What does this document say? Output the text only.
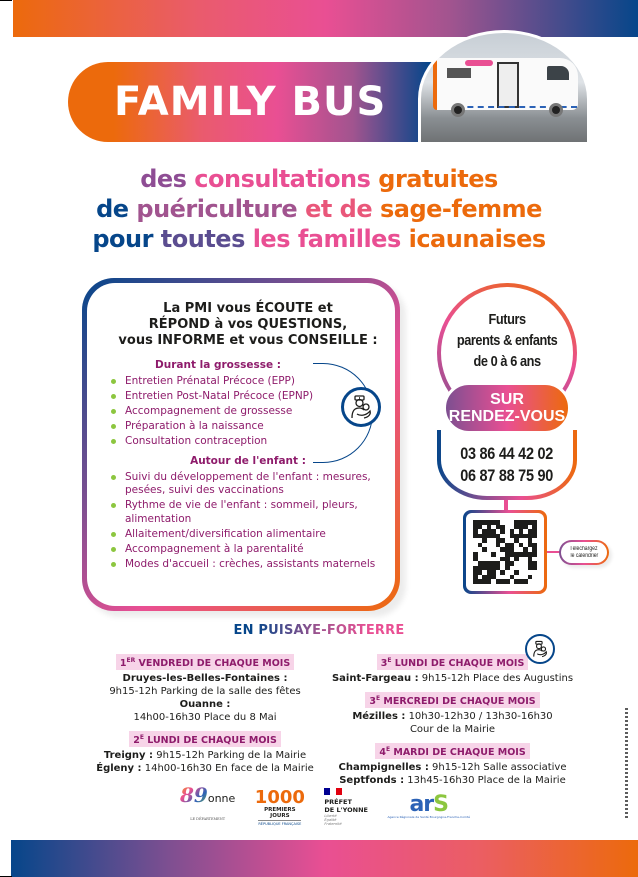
FAMILY BUS
des consultations gratuites
de puériculture et de sage-femme
pour toutes les familles icaunaises
La PMI vous ÉCOUTE et
RÉPOND à vos QUESTIONS,
vous INFORME et vous CONSEILLE :
Durant la grossesse :
Entretien Prénatal Précoce (EPP)
Entretien Post-Natal Précoce (EPNP)
Accompagnement de grossesse
Préparation à la naissance
Consultation contraception
Autour de l'enfant :
Suivi du développement de l'enfant : mesures, pesées, suivi des vaccinations
Rythme de vie de l'enfant : sommeil, pleurs, alimentation
Allaitement/diversification alimentaire
Accompagnement à la parentalité
Modes d'accueil : crèches, assistants maternels
Futurs
parents & enfants
de 0 à 6 ans
03 86 44 42 02
06 87 88 75 90
SUR
RENDEZ-VOUS
Téléchargez
le calendrier
EN PUISAYE-FORTERRE
1ER VENDREDI DE CHAQUE MOIS
Druyes-les-Belles-Fontaines :
9h15-12h Parking de la salle des fêtes
Ouanne :
14h00-16h30 Place du 8 Mai
$2^E$ LUNDI DE CHAQUE MOIS
Treigny : 9h15-12h Parking de la Mairie
Égleny : 14h00-16h30 En face de la Mairie
$3^E$ LUNDI DE CHAQUE MOIS
Saint-Fargeau : 9h15-12h Place des Augustins
$3^E$ MERCREDI DE CHAQUE MOIS
Mézilles : 10h30-12h30 / 13h30-16h30
Cour de la Mairie
$4^E$ MARDI DE CHAQUE MOIS
Champignelles : 9h15-12h Salle associative
Septfonds : 13h45-16h30 Place de la Mairie
89onne
LE DÉPARTEMENT
1000
PREMIERS
JOURS
RÉPUBLIQUE FRANÇAISE
PRÉFET
DE L'YONNE
Liberté
Égalité
Fraternité
arS
Agence Régionale de Santé Bourgogne-Franche-Comté
